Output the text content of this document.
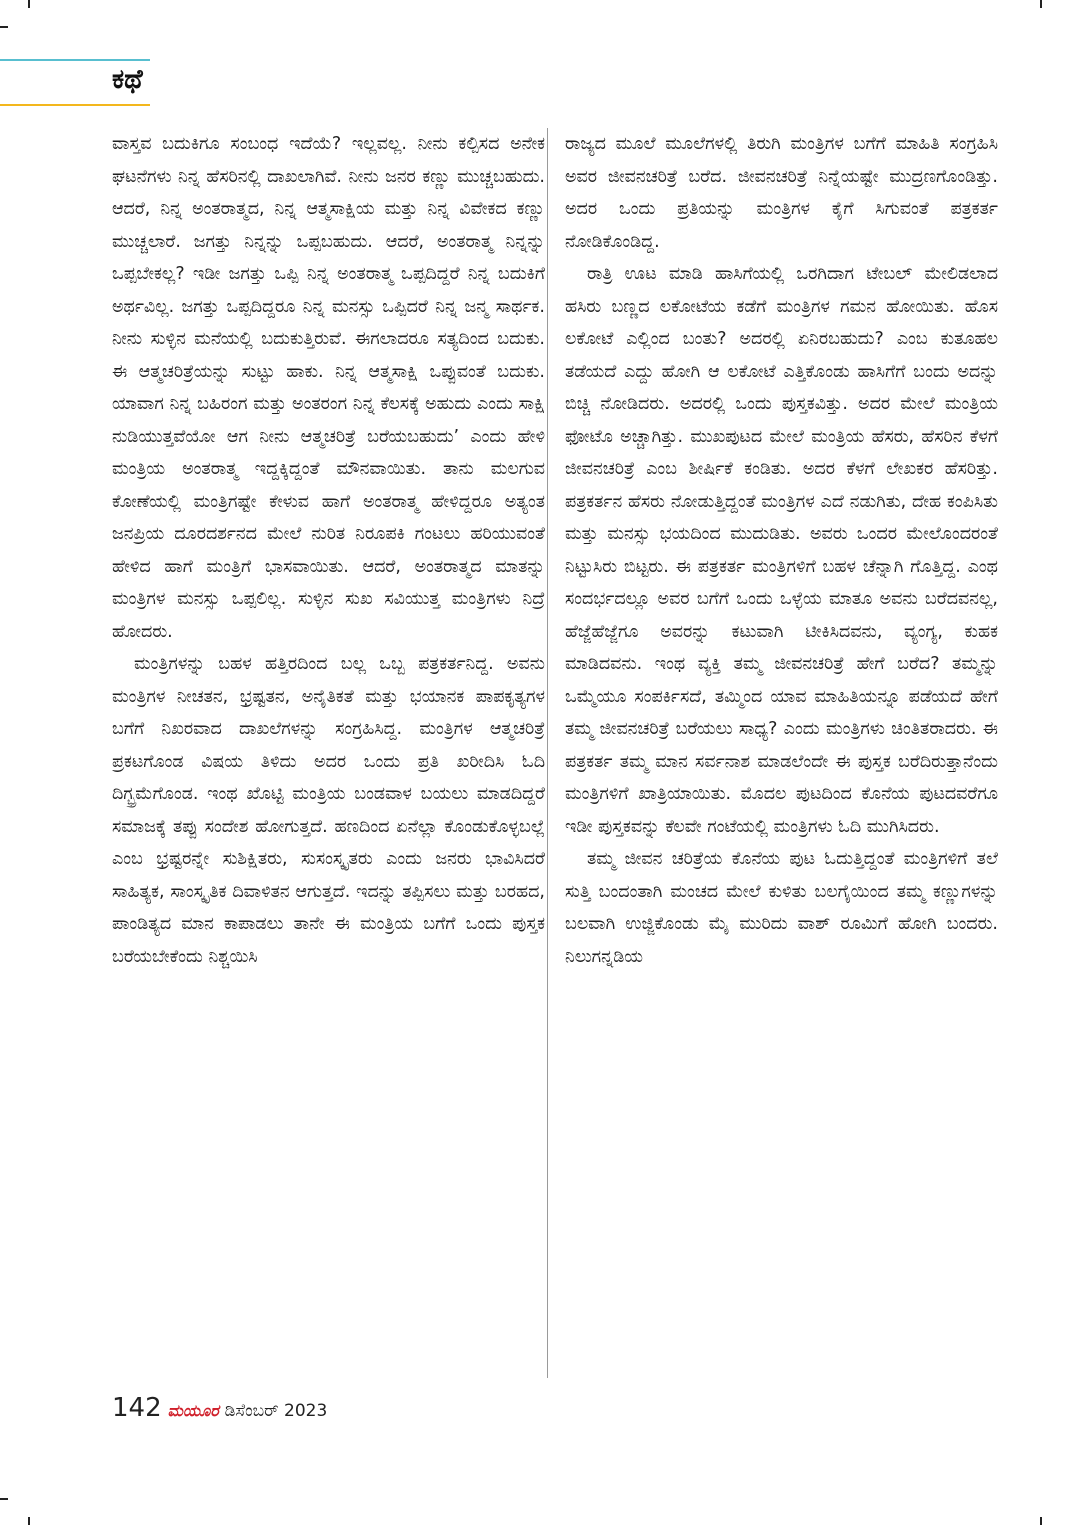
ಕಥೆ

ವಾಸ್ತವ ಬದುಕಿಗೂ ಸಂಬಂಧ ಇದೆಯೆ? ಇಲ್ಲವಲ್ಲ. ನೀನು ಕಲ್ಪಿಸದ ಅನೇಕ ಘಟನೆಗಳು ನಿನ್ನ ಹೆಸರಿನಲ್ಲಿ ದಾಖಲಾಗಿವೆ. ನೀನು ಜನರ ಕಣ್ಣು ಮುಚ್ಚಬಹುದು. ಆದರೆ, ನಿನ್ನ ಅಂತರಾತ್ಮದ, ನಿನ್ನ ಆತ್ಮಸಾಕ್ಷಿಯ ಮತ್ತು ನಿನ್ನ ವಿವೇಕದ ಕಣ್ಣು ಮುಚ್ಚಲಾರೆ. ಜಗತ್ತು ನಿನ್ನನ್ನು ಒಪ್ಪಬಹುದು. ಆದರೆ, ಅಂತರಾತ್ಮ ನಿನ್ನನ್ನು ಒಪ್ಪಬೇಕಲ್ಲ? ಇಡೀ ಜಗತ್ತು ಒಪ್ಪಿ ನಿನ್ನ ಅಂತರಾತ್ಮ ಒಪ್ಪದಿದ್ದರೆ ನಿನ್ನ ಬದುಕಿಗೆ ಅರ್ಥವಿಲ್ಲ. ಜಗತ್ತು ಒಪ್ಪದಿದ್ದರೂ ನಿನ್ನ ಮನಸ್ಸು ಒಪ್ಪಿದರೆ ನಿನ್ನ ಜನ್ಮ ಸಾರ್ಥಕ. ನೀನು ಸುಳ್ಳಿನ ಮನೆಯಲ್ಲಿ ಬದುಕುತ್ತಿರುವೆ. ಈಗಲಾದರೂ ಸತ್ಯದಿಂದ ಬದುಕು. ಈ ಆತ್ಮಚರಿತ್ರೆಯನ್ನು ಸುಟ್ಟು ಹಾಕು. ನಿನ್ನ ಆತ್ಮಸಾಕ್ಷಿ ಒಪ್ಪುವಂತೆ ಬದುಕು. ಯಾವಾಗ ನಿನ್ನ ಬಹಿರಂಗ ಮತ್ತು ಅಂತರಂಗ ನಿನ್ನ ಕೆಲಸಕ್ಕೆ ಅಹುದು ಎಂದು ಸಾಕ್ಷಿ ನುಡಿಯುತ್ತವೆಯೋ ಆಗ ನೀನು ಆತ್ಮಚರಿತ್ರೆ ಬರೆಯಬಹುದು’ ಎಂದು ಹೇಳಿ ಮಂತ್ರಿಯ ಅಂತರಾತ್ಮ ಇದ್ದಕ್ಕಿದ್ದಂತೆ ಮೌನವಾಯಿತು. ತಾನು ಮಲಗುವ ಕೋಣೆಯಲ್ಲಿ ಮಂತ್ರಿಗಷ್ಟೇ ಕೇಳುವ ಹಾಗೆ ಅಂತರಾತ್ಮ ಹೇಳಿದ್ದರೂ ಅತ್ಯಂತ ಜನಪ್ರಿಯ ದೂರದರ್ಶನದ ಮೇಲೆ ನುರಿತ ನಿರೂಪಕಿ ಗಂಟಲು ಹರಿಯುವಂತೆ ಹೇಳಿದ ಹಾಗೆ ಮಂತ್ರಿಗೆ ಭಾಸವಾಯಿತು. ಆದರೆ, ಅಂತರಾತ್ಮದ ಮಾತನ್ನು ಮಂತ್ರಿಗಳ ಮನಸ್ಸು ಒಪ್ಪಲಿಲ್ಲ. ಸುಳ್ಳಿನ ಸುಖ ಸವಿಯುತ್ತ ಮಂತ್ರಿಗಳು ನಿದ್ರೆ ಹೋದರು.

ಮಂತ್ರಿಗಳನ್ನು ಬಹಳ ಹತ್ತಿರದಿಂದ ಬಲ್ಲ ಒಬ್ಬ ಪತ್ರಕರ್ತನಿದ್ದ. ಅವನು ಮಂತ್ರಿಗಳ ನೀಚತನ, ಭ್ರಷ್ಟತನ, ಅನೈತಿಕತೆ ಮತ್ತು ಭಯಾನಕ ಪಾಪಕೃತ್ಯಗಳ ಬಗೆಗೆ ನಿಖರವಾದ ದಾಖಲೆಗಳನ್ನು ಸಂಗ್ರಹಿಸಿದ್ದ. ಮಂತ್ರಿಗಳ ಆತ್ಮಚರಿತ್ರೆ ಪ್ರಕಟಗೊಂಡ ವಿಷಯ ತಿಳಿದು ಅದರ ಒಂದು ಪ್ರತಿ ಖರೀದಿಸಿ ಓದಿ ದಿಗ್ಭ್ರಮೆಗೊಂಡ. ಇಂಥ ಖೊಟ್ಟಿ ಮಂತ್ರಿಯ ಬಂಡವಾಳ ಬಯಲು ಮಾಡದಿದ್ದರೆ ಸಮಾಜಕ್ಕೆ ತಪ್ಪು ಸಂದೇಶ ಹೋಗುತ್ತದೆ. ಹಣದಿಂದ ಏನೆಲ್ಲಾ ಕೊಂಡುಕೊಳ್ಳಬಲ್ಲೆ ಎಂಬ ಭ್ರಷ್ಟರನ್ನೇ ಸುಶಿಕ್ಷಿತರು, ಸುಸಂಸ್ಕೃತರು ಎಂದು ಜನರು ಭಾವಿಸಿದರೆ ಸಾಹಿತ್ಯಕ, ಸಾಂಸ್ಕೃತಿಕ ದಿವಾಳಿತನ ಆಗುತ್ತದೆ. ಇದನ್ನು ತಪ್ಪಿಸಲು ಮತ್ತು ಬರಹದ, ಪಾಂಡಿತ್ಯದ ಮಾನ ಕಾಪಾಡಲು ತಾನೇ ಈ ಮಂತ್ರಿಯ ಬಗೆಗೆ ಒಂದು ಪುಸ್ತಕ ಬರೆಯಬೇಕೆಂದು ನಿಶ್ಚಯಿಸಿ

ರಾಜ್ಯದ ಮೂಲೆ ಮೂಲೆಗಳಲ್ಲಿ ತಿರುಗಿ ಮಂತ್ರಿಗಳ ಬಗೆಗೆ ಮಾಹಿತಿ ಸಂಗ್ರಹಿಸಿ ಅವರ ಜೀವನಚರಿತ್ರೆ ಬರೆದ. ಜೀವನಚರಿತ್ರೆ ನಿನ್ನೆಯಷ್ಟೇ ಮುದ್ರಣಗೊಂಡಿತ್ತು. ಅದರ ಒಂದು ಪ್ರತಿಯನ್ನು ಮಂತ್ರಿಗಳ ಕೈಗೆ ಸಿಗುವಂತೆ ಪತ್ರಕರ್ತ ನೋಡಿಕೊಂಡಿದ್ದ.

ರಾತ್ರಿ ಊಟ ಮಾಡಿ ಹಾಸಿಗೆಯಲ್ಲಿ ಒರಗಿದಾಗ ಟೇಬಲ್ ಮೇಲಿಡಲಾದ ಹಸಿರು ಬಣ್ಣದ ಲಕೋಟೆಯ ಕಡೆಗೆ ಮಂತ್ರಿಗಳ ಗಮನ ಹೋಯಿತು. ಹೊಸ ಲಕೋಟೆ ಎಲ್ಲಿಂದ ಬಂತು? ಅದರಲ್ಲಿ ಏನಿರಬಹುದು? ಎಂಬ ಕುತೂಹಲ ತಡೆಯದೆ ಎದ್ದು ಹೋಗಿ ಆ ಲಕೋಟೆ ಎತ್ತಿಕೊಂಡು ಹಾಸಿಗೆಗೆ ಬಂದು ಅದನ್ನು ಬಿಚ್ಚಿ ನೋಡಿದರು. ಅದರಲ್ಲಿ ಒಂದು ಪುಸ್ತಕವಿತ್ತು. ಅದರ ಮೇಲೆ ಮಂತ್ರಿಯ ಫೋಟೊ ಅಚ್ಚಾಗಿತ್ತು. ಮುಖಪುಟದ ಮೇಲೆ ಮಂತ್ರಿಯ ಹೆಸರು, ಹೆಸರಿನ ಕೆಳಗೆ ಜೀವನಚರಿತ್ರೆ ಎಂಬ ಶೀರ್ಷಿಕೆ ಕಂಡಿತು. ಅದರ ಕೆಳಗೆ ಲೇಖಕರ ಹೆಸರಿತ್ತು. ಪತ್ರಕರ್ತನ ಹೆಸರು ನೋಡುತ್ತಿದ್ದಂತೆ ಮಂತ್ರಿಗಳ ಎದೆ ನಡುಗಿತು, ದೇಹ ಕಂಪಿಸಿತು ಮತ್ತು ಮನಸ್ಸು ಭಯದಿಂದ ಮುದುಡಿತು. ಅವರು ಒಂದರ ಮೇಲೊಂದರಂತೆ ನಿಟ್ಟುಸಿರು ಬಿಟ್ಟರು. ಈ ಪತ್ರಕರ್ತ ಮಂತ್ರಿಗಳಿಗೆ ಬಹಳ ಚೆನ್ನಾಗಿ ಗೊತ್ತಿದ್ದ. ಎಂಥ ಸಂದರ್ಭದಲ್ಲೂ ಅವರ ಬಗೆಗೆ ಒಂದು ಒಳ್ಳೆಯ ಮಾತೂ ಅವನು ಬರೆದವನಲ್ಲ, ಹೆಜ್ಜೆಹೆಜ್ಜೆಗೂ ಅವರನ್ನು ಕಟುವಾಗಿ ಟೀಕಿಸಿದವನು, ವ್ಯಂಗ್ಯ, ಕುಹಕ ಮಾಡಿದವನು. ಇಂಥ ವ್ಯಕ್ತಿ ತಮ್ಮ ಜೀವನಚರಿತ್ರೆ ಹೇಗೆ ಬರೆದ? ತಮ್ಮನ್ನು ಒಮ್ಮೆಯೂ ಸಂಪರ್ಕಿಸದೆ, ತಮ್ಮಿಂದ ಯಾವ ಮಾಹಿತಿಯನ್ನೂ ಪಡೆಯದೆ ಹೇಗೆ ತಮ್ಮ ಜೀವನಚರಿತ್ರೆ ಬರೆಯಲು ಸಾಧ್ಯ? ಎಂದು ಮಂತ್ರಿಗಳು ಚಿಂತಿತರಾದರು. ಈ ಪತ್ರಕರ್ತ ತಮ್ಮ ಮಾನ ಸರ್ವನಾಶ ಮಾಡಲೆಂದೇ ಈ ಪುಸ್ತಕ ಬರೆದಿರುತ್ತಾನೆಂದು ಮಂತ್ರಿಗಳಿಗೆ ಖಾತ್ರಿಯಾಯಿತು. ಮೊದಲ ಪುಟದಿಂದ ಕೊನೆಯ ಪುಟದವರೆಗೂ ಇಡೀ ಪುಸ್ತಕವನ್ನು ಕೆಲವೇ ಗಂಟೆಯಲ್ಲಿ ಮಂತ್ರಿಗಳು ಓದಿ ಮುಗಿಸಿದರು.

ತಮ್ಮ ಜೀವನ ಚರಿತ್ರೆಯ ಕೊನೆಯ ಪುಟ ಓದುತ್ತಿದ್ದಂತೆ ಮಂತ್ರಿಗಳಿಗೆ ತಲೆ ಸುತ್ತಿ ಬಂದಂತಾಗಿ ಮಂಚದ ಮೇಲೆ ಕುಳಿತು ಬಲಗೈಯಿಂದ ತಮ್ಮ ಕಣ್ಣುಗಳನ್ನು ಬಲವಾಗಿ ಉಜ್ಜಿಕೊಂಡು ಮೈ ಮುರಿದು ವಾಶ್ ರೂಮಿಗೆ ಹೋಗಿ ಬಂದರು. ನಿಲುಗನ್ನಡಿಯ

142 ಮಯೂರ ಡಿಸೆಂಬರ್ 2023
